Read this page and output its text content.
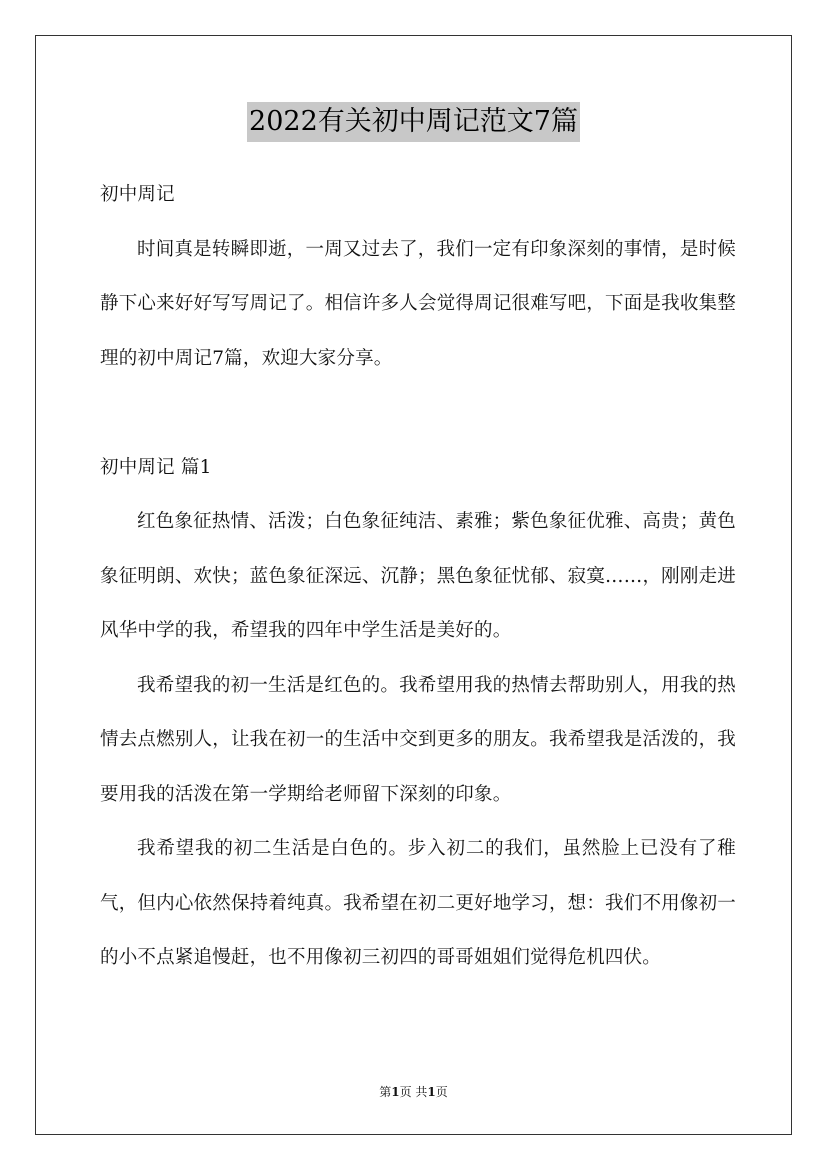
2022有关初中周记范文7篇

初中周记

时间真是转瞬即逝，一周又过去了，我们一定有印象深刻的事情，是时候静下心来好好写写周记了。相信许多人会觉得周记很难写吧，下面是我收集整理的初中周记7篇，欢迎大家分享。

初中周记 篇1

红色象征热情、活泼；白色象征纯洁、素雅；紫色象征优雅、高贵；黄色象征明朗、欢快；蓝色象征深远、沉静；黑色象征忧郁、寂寞……，刚刚走进风华中学的我，希望我的四年中学生活是美好的。

我希望我的初一生活是红色的。我希望用我的热情去帮助别人，用我的热情去点燃别人，让我在初一的生活中交到更多的朋友。我希望我是活泼的，我要用我的活泼在第一学期给老师留下深刻的印象。

我希望我的初二生活是白色的。步入初二的我们，虽然脸上已没有了稚气，但内心依然保持着纯真。我希望在初二更好地学习，想：我们不用像初一的小不点紧追慢赶，也不用像初三初四的哥哥姐姐们觉得危机四伏。

第1页 共1页
